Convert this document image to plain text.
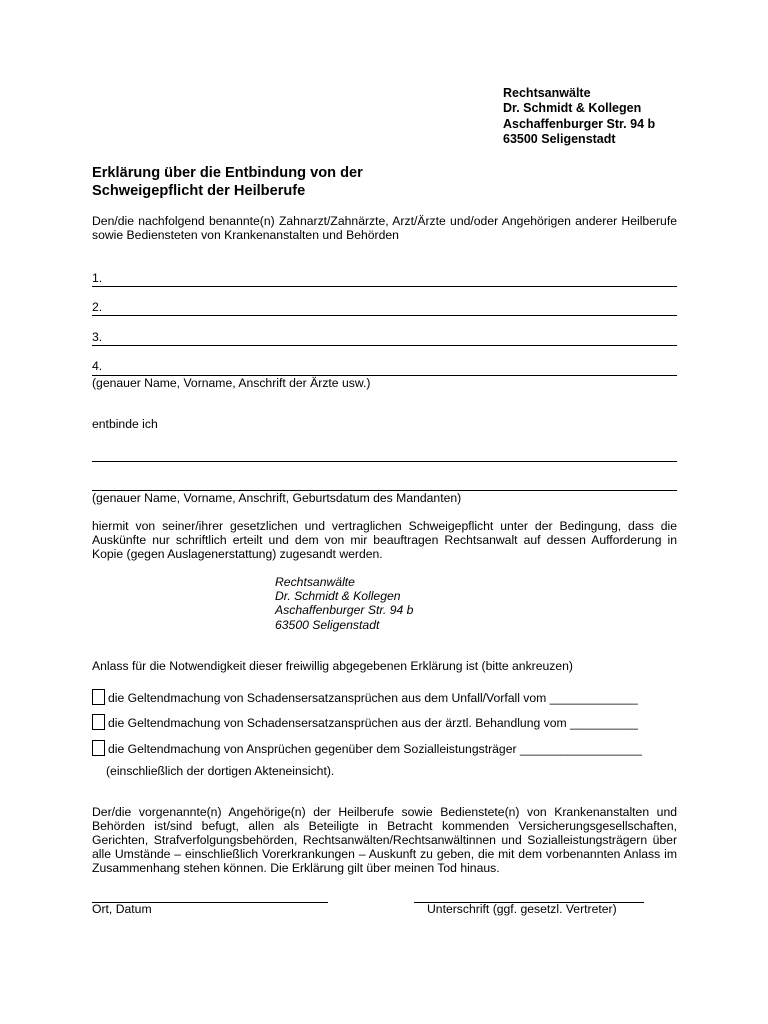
Rechtsanwälte
Dr. Schmidt & Kollegen
Aschaffenburger Str. 94 b
63500 Seligenstadt
Erklärung über die Entbindung von der
Schweigepflicht der Heilberufe
Den/die nachfolgend benannte(n) Zahnarzt/Zahnärzte, Arzt/Ärzte und/oder Angehörigen anderer Heilberufe sowie Bediensteten von Krankenanstalten und Behörden
1.
2.
3.
4.
(genauer Name, Vorname, Anschrift der Ärzte usw.)
entbinde ich
(genauer Name, Vorname, Anschrift, Geburtsdatum des Mandanten)
hiermit von seiner/ihrer gesetzlichen und vertraglichen Schweigepflicht unter der Bedingung, dass die Auskünfte nur schriftlich erteilt und dem von mir beauftragen Rechtsanwalt auf dessen Aufforderung in Kopie (gegen Auslagenerstattung) zugesandt werden.
Rechtsanwälte
Dr. Schmidt & Kollegen
Aschaffenburger Str. 94 b
63500 Seligenstadt
Anlass für die Notwendigkeit dieser freiwillig abgegebenen Erklärung ist (bitte ankreuzen)
die Geltendmachung von Schadensersatzansprüchen aus dem Unfall/Vorfall vom _____________
die Geltendmachung von Schadensersatzansprüchen aus der ärztl. Behandlung vom __________
die Geltendmachung von Ansprüchen gegenüber dem Sozialleistungsträger __________________
(einschließlich der dortigen Akteneinsicht).
Der/die vorgenannte(n) Angehörige(n) der Heilberufe sowie Bedienstete(n) von Krankenanstalten und Behörden ist/sind befugt, allen als Beteiligte in Betracht kommenden Versicherungsgesellschaften, Gerichten, Strafverfolgungsbehörden, Rechtsanwälten/Rechtsanwältinnen und Sozialleistungsträgern über alle Umstände – einschließlich Vorerkrankungen – Auskunft zu geben, die mit dem vorbenannten Anlass im Zusammenhang stehen können. Die Erklärung gilt über meinen Tod hinaus.
Ort, Datum	Unterschrift (ggf. gesetzl. Vertreter)
